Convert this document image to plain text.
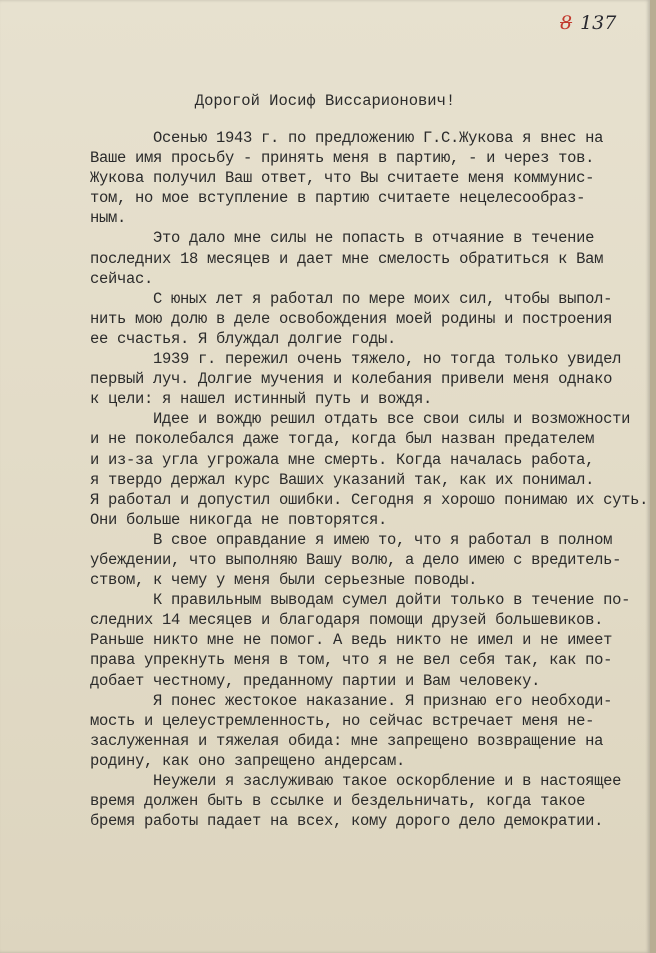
8 137
Дорогой Иосиф Виссарионович!
Осенью 1943 г. по предложению Г.С.Жукова я внес на
Ваше имя просьбу - принять меня в партию, - и через тов.
Жукова получил Ваш ответ, что Вы считаете меня коммунис-
том, но мое вступление в партию считаете нецелесообраз-
ным.
Это дало мне силы не попасть в отчаяние в течение
последних 18 месяцев и дает мне смелость обратиться к Вам
сейчас.
С юных лет я работал по мере моих сил, чтобы выпол-
нить мою долю в деле освобождения моей родины и построения
ее счастья. Я блуждал долгие годы.
1939 г. пережил очень тяжело, но тогда только увидел
первый луч. Долгие мучения и колебания привели меня однако
к цели: я нашел истинный путь и вождя.
Идее и вождю решил отдать все свои силы и возможности
и не поколебался даже тогда, когда был назван предателем
и из-за угла угрожала мне смерть. Когда началась работа,
я твердо держал курс Ваших указаний так, как их понимал.
Я работал и допустил ошибки. Сегодня я хорошо понимаю их суть.
Они больше никогда не повторятся.
В свое оправдание я имею то, что я работал в полном
убеждении, что выполняю Вашу волю, а дело имею с вредитель-
ством, к чему у меня были серьезные поводы.
К правильным выводам сумел дойти только в течение по-
следних 14 месяцев и благодаря помощи друзей большевиков.
Раньше никто мне не помог. А ведь никто не имел и не имеет
права упрекнуть меня в том, что я не вел себя так, как по-
добает честному, преданному партии и Вам человеку.
Я понес жестокое наказание. Я признаю его необходи-
мость и целеустремленность, но сейчас встречает меня не-
заслуженная и тяжелая обида: мне запрещено возвращение на
родину, как оно запрещено андерсам.
Неужели я заслуживаю такое оскорбление и в настоящее
время должен быть в ссылке и бездельничать, когда такое
бремя работы падает на всех, кому дорого дело демократии.
